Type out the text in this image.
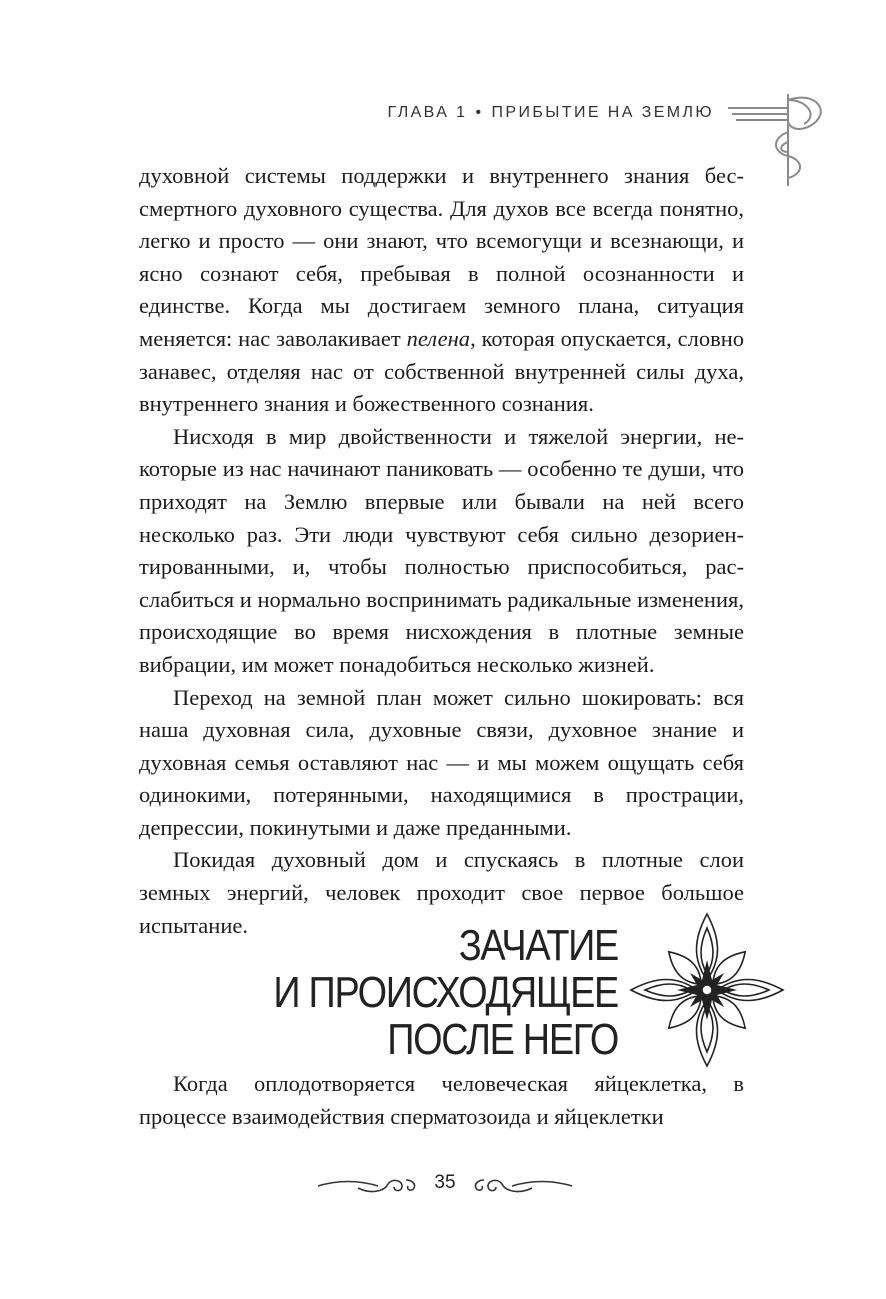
ГЛАВА 1 • ПРИБЫТИЕ НА ЗЕМЛЮ

духовной системы поддержки и внутреннего знания бессмертного духовного существа. Для духов все всегда понятно, легко и просто — они знают, что всемогущи и всезнающи, и ясно сознают себя, пребывая в полной осознанности и единстве. Когда мы достигаем земного плана, ситуация меняется: нас заволакивает пелена, которая опускается, словно занавес, отделяя нас от собственной внутренней силы духа, внутреннего знания и божественного сознания.

Нисходя в мир двойственности и тяжелой энергии, некоторые из нас начинают паниковать — особенно те души, что приходят на Землю впервые или бывали на ней всего несколько раз. Эти люди чувствуют себя сильно дезориентированными, и, чтобы полностью приспособиться, расслабиться и нормально воспринимать радикальные изменения, происходящие во время нисхождения в плотные земные вибрации, им может понадобиться несколько жизней.

Переход на земной план может сильно шокировать: вся наша духовная сила, духовные связи, духовное знание и духовная семья оставляют нас — и мы можем ощущать себя одинокими, потерянными, находящимися в прострации, депрессии, покинутыми и даже преданными.

Покидая духовный дом и спускаясь в плотные слои земных энергий, человек проходит свое первое большое испытание.	ЗАЧАТИЕ
И ПРОИСХОДЯЩЕЕ
ПОСЛЕ НЕГО

Когда оплодотворяется человеческая яйцеклетка, в процессе взаимодействия сперматозоида и яйцеклетки

35
